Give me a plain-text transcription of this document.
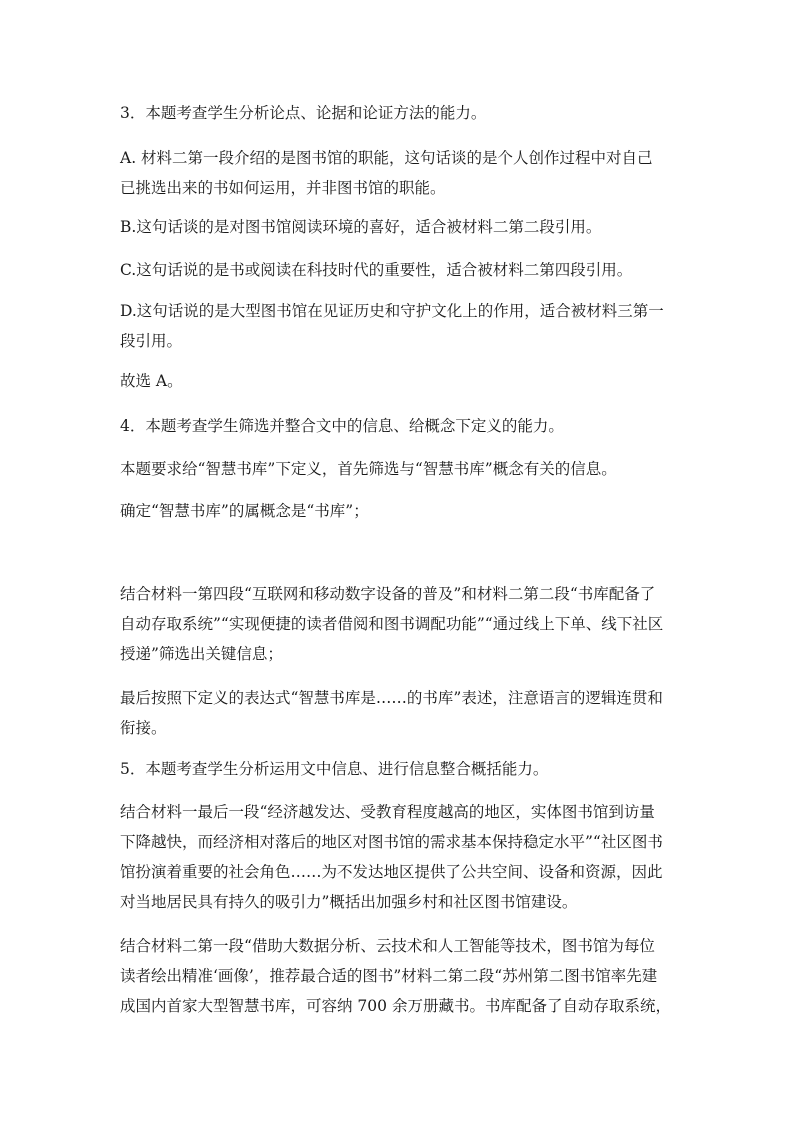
3．本题考查学生分析论点、论据和论证方法的能力。

A. 材料二第一段介绍的是图书馆的职能，这句话谈的是个人创作过程中对自己
已挑选出来的书如何运用，并非图书馆的职能。

B.这句话谈的是对图书馆阅读环境的喜好，适合被材料二第二段引用。

C.这句话说的是书或阅读在科技时代的重要性，适合被材料二第四段引用。

D.这句话说的是大型图书馆在见证历史和守护文化上的作用，适合被材料三第一
段引用。

故选 A。

4．本题考查学生筛选并整合文中的信息、给概念下定义的能力。

本题要求给“智慧书库”下定义，首先筛选与“智慧书库”概念有关的信息。

确定“智慧书库”的属概念是“书库”；

结合材料一第四段“互联网和移动数字设备的普及”和材料二第二段“书库配备了
自动存取系统”“实现便捷的读者借阅和图书调配功能”“通过线上下单、线下社区
授递”筛选出关键信息；

最后按照下定义的表达式“智慧书库是……的书库”表述，注意语言的逻辑连贯和
衔接。

5．本题考查学生分析运用文中信息、进行信息整合概括能力。

结合材料一最后一段“经济越发达、受教育程度越高的地区，实体图书馆到访量
下降越快，而经济相对落后的地区对图书馆的需求基本保持稳定水平”“社区图书
馆扮演着重要的社会角色……为不发达地区提供了公共空间、设备和资源，因此
对当地居民具有持久的吸引力”概括出加强乡村和社区图书馆建设。

结合材料二第一段“借助大数据分析、云技术和人工智能等技术，图书馆为每位
读者绘出精准‘画像’，推荐最合适的图书”材料二第二段“苏州第二图书馆率先建
成国内首家大型智慧书库，可容纳 700 余万册藏书。书库配备了自动存取系统，
